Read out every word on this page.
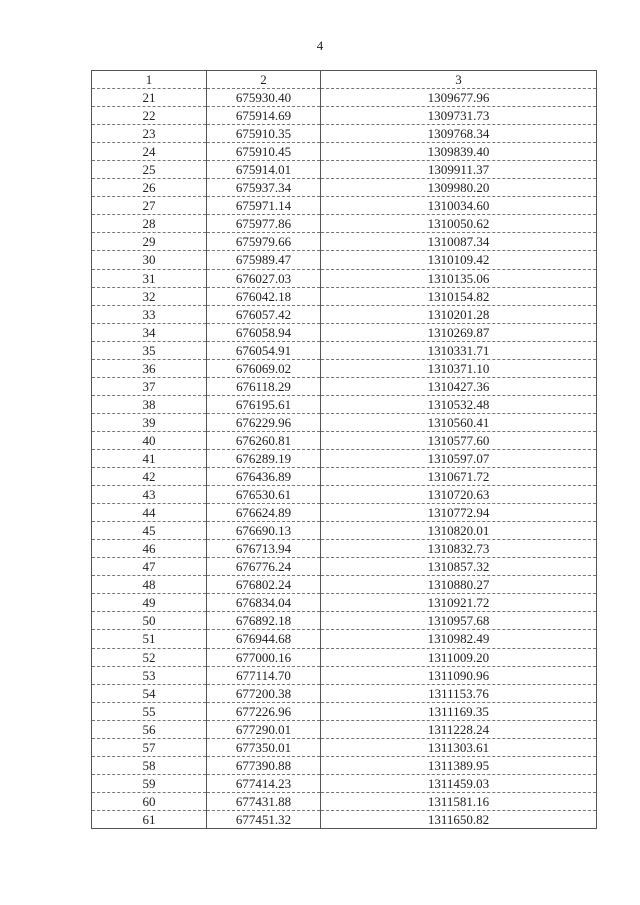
4
1	2	3
21	675930.40	1309677.96
22	675914.69	1309731.73
23	675910.35	1309768.34
24	675910.45	1309839.40
25	675914.01	1309911.37
26	675937.34	1309980.20
27	675971.14	1310034.60
28	675977.86	1310050.62
29	675979.66	1310087.34
30	675989.47	1310109.42
31	676027.03	1310135.06
32	676042.18	1310154.82
33	676057.42	1310201.28
34	676058.94	1310269.87
35	676054.91	1310331.71
36	676069.02	1310371.10
37	676118.29	1310427.36
38	676195.61	1310532.48
39	676229.96	1310560.41
40	676260.81	1310577.60
41	676289.19	1310597.07
42	676436.89	1310671.72
43	676530.61	1310720.63
44	676624.89	1310772.94
45	676690.13	1310820.01
46	676713.94	1310832.73
47	676776.24	1310857.32
48	676802.24	1310880.27
49	676834.04	1310921.72
50	676892.18	1310957.68
51	676944.68	1310982.49
52	677000.16	1311009.20
53	677114.70	1311090.96
54	677200.38	1311153.76
55	677226.96	1311169.35
56	677290.01	1311228.24
57	677350.01	1311303.61
58	677390.88	1311389.95
59	677414.23	1311459.03
60	677431.88	1311581.16
61	677451.32	1311650.82
